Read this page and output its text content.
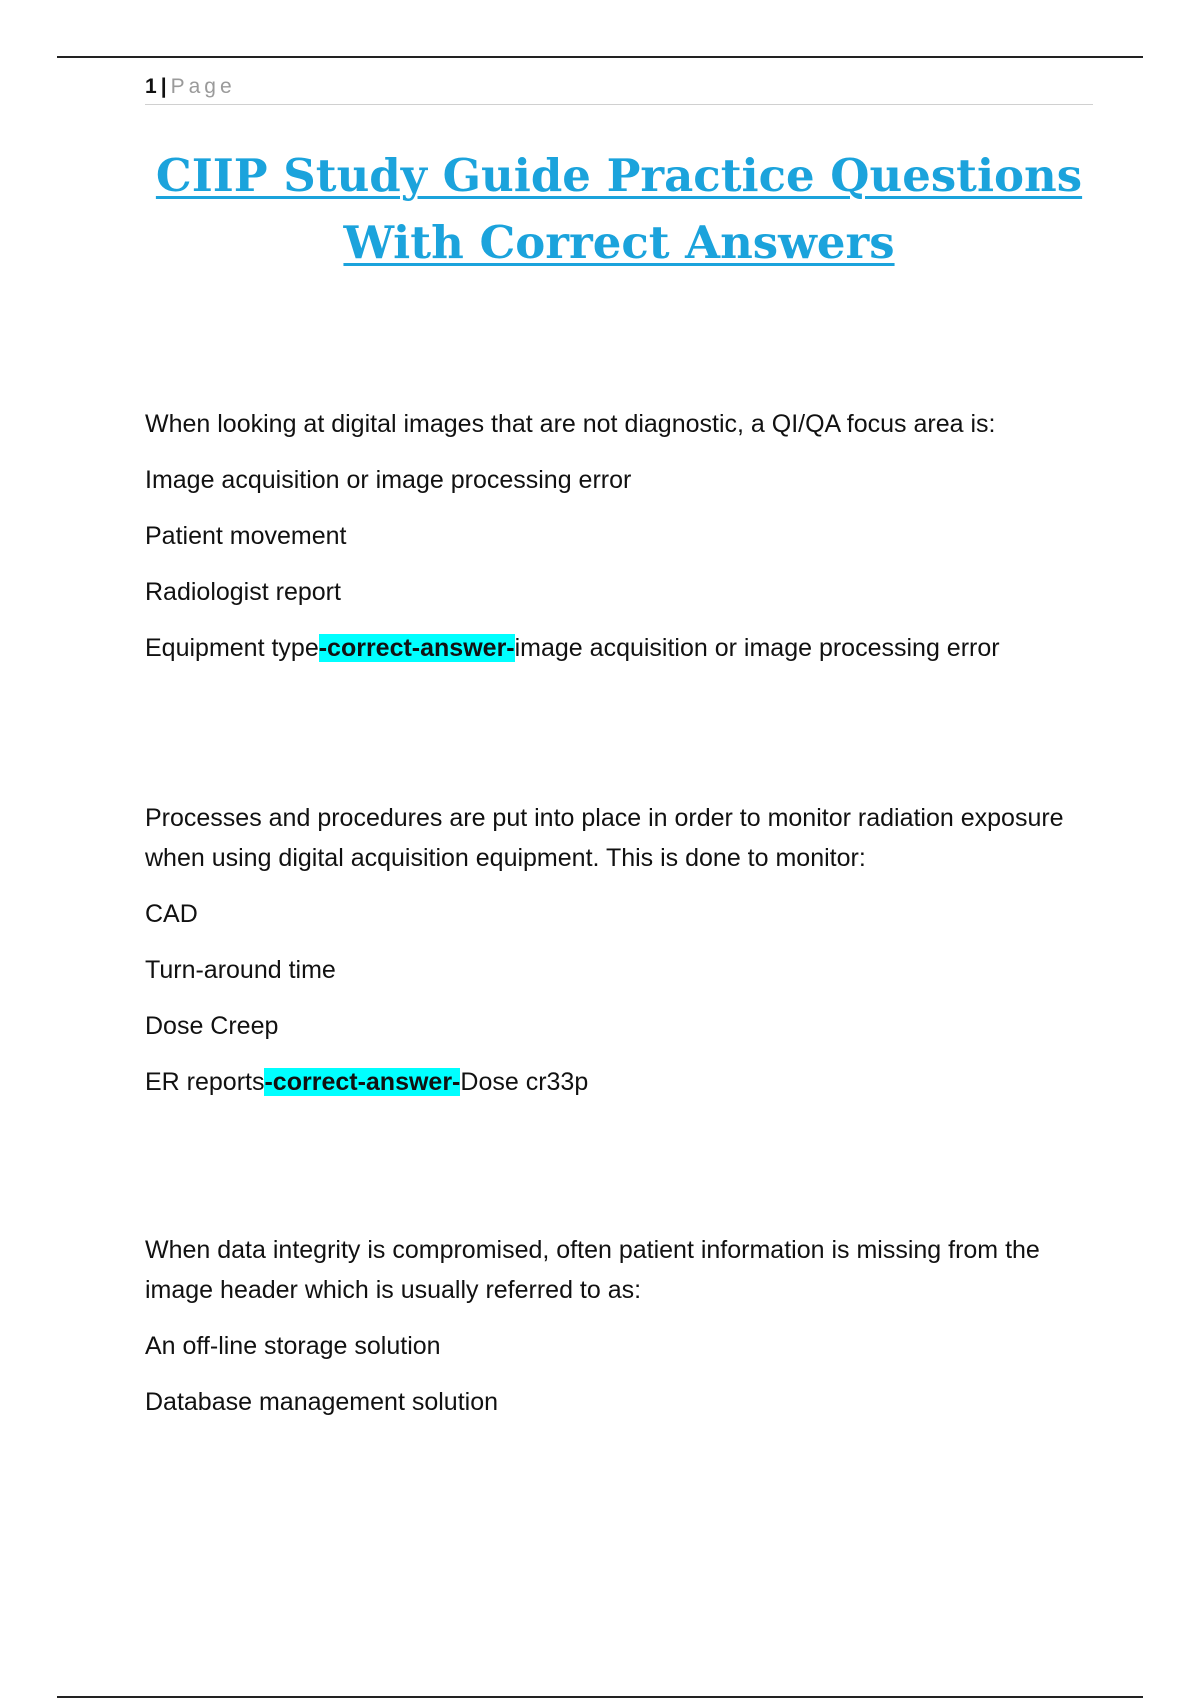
1 | Page
CIIP Study Guide Practice Questions
With Correct Answers

When looking at digital images that are not diagnostic, a QI/QA focus area is:

Image acquisition or image processing error

Patient movement

Radiologist report

Equipment type-correct-answer-image acquisition or image processing error

Processes and procedures are put into place in order to monitor radiation exposure when using digital acquisition equipment. This is done to monitor:

CAD

Turn-around time

Dose Creep

ER reports-correct-answer-Dose cr33p

When data integrity is compromised, often patient information is missing from the image header which is usually referred to as:

An off-line storage solution

Database management solution
